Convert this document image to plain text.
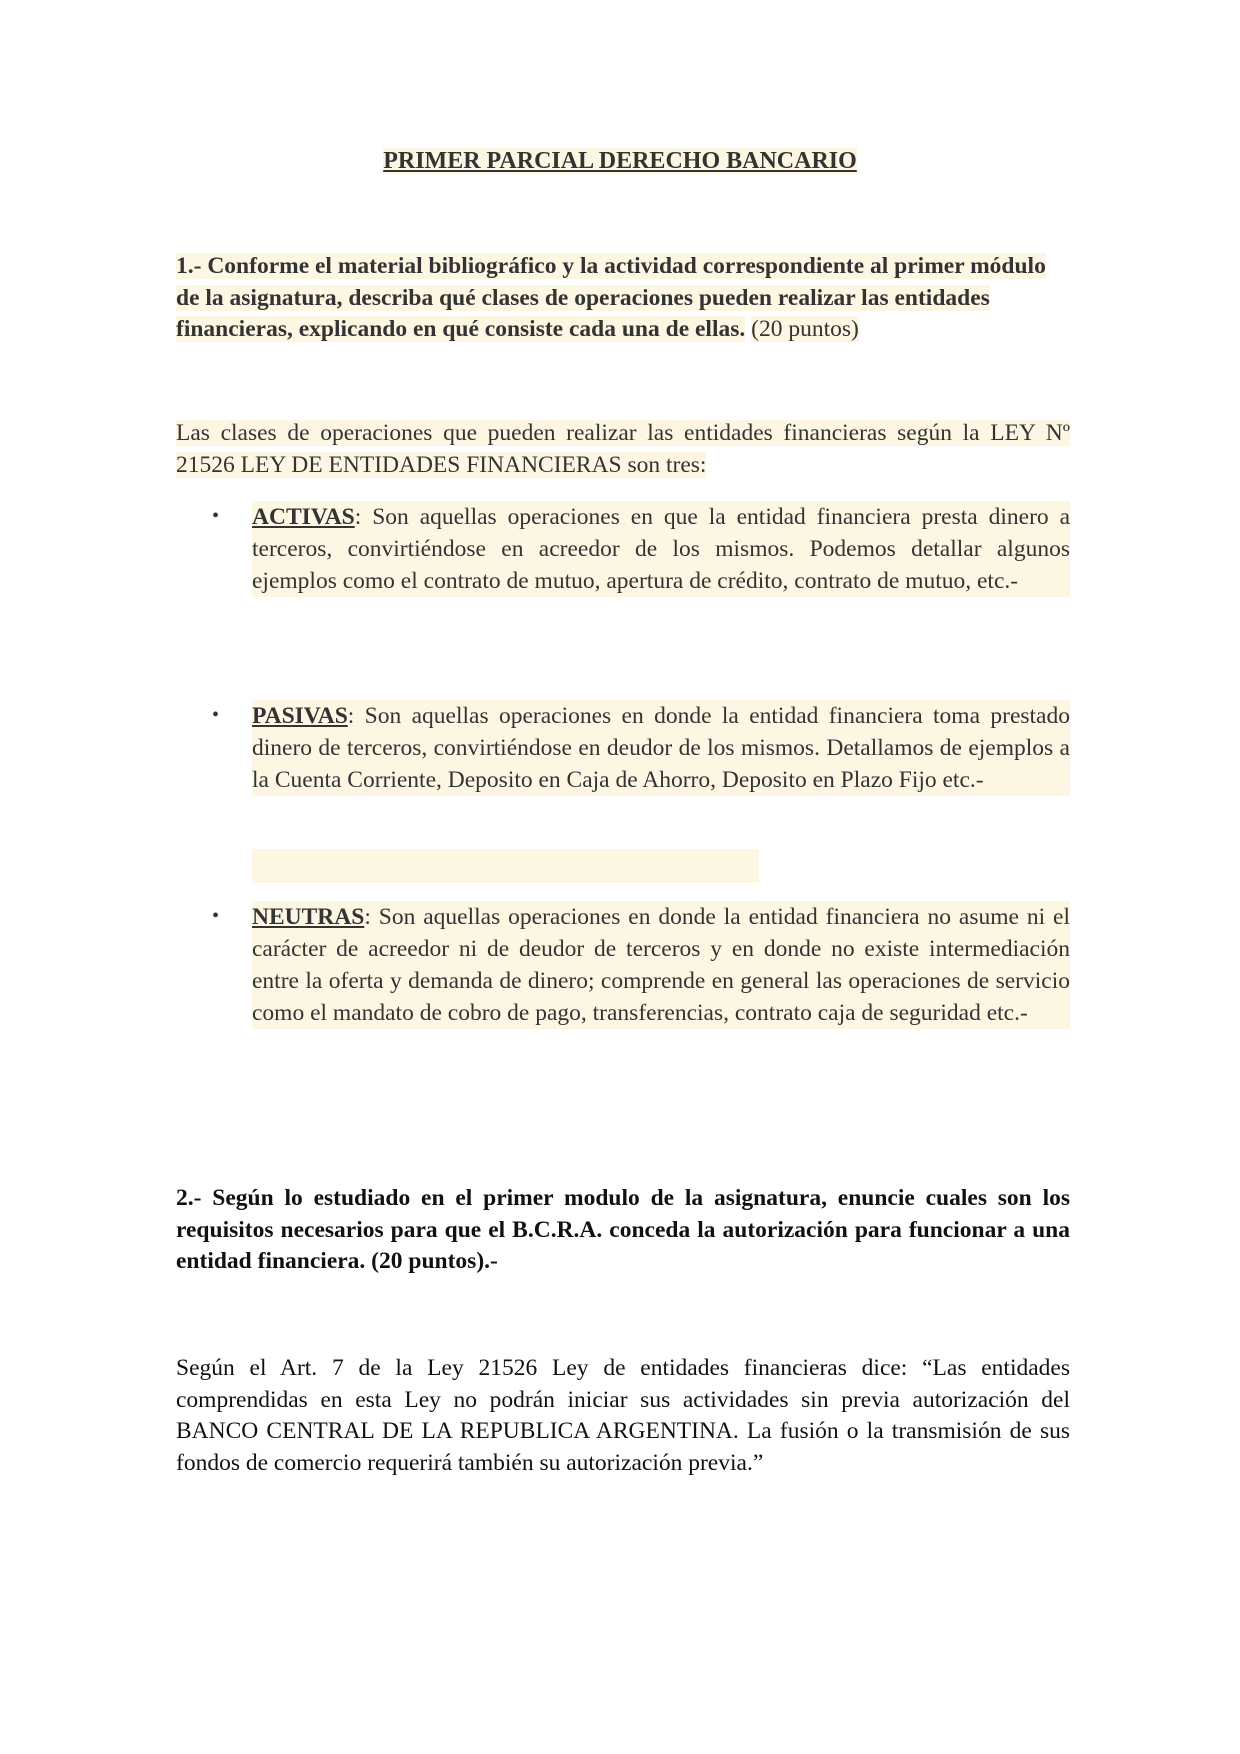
PRIMER PARCIAL DERECHO BANCARIO
1.- Conforme el material bibliográfico y la actividad correspondiente al primer módulo de la asignatura, describa qué clases de operaciones pueden realizar las entidades financieras, explicando en qué consiste cada una de ellas. (20 puntos)
Las clases de operaciones que pueden realizar las entidades financieras según la LEY Nº 21526 LEY DE ENTIDADES FINANCIERAS son tres:
• ACTIVAS: Son aquellas operaciones en que la entidad financiera presta dinero a terceros, convirtiéndose en acreedor de los mismos. Podemos detallar algunos ejemplos como el contrato de mutuo, apertura de crédito, contrato de mutuo, etc.-
• PASIVAS: Son aquellas operaciones en donde la entidad financiera toma prestado dinero de terceros, convirtiéndose en deudor de los mismos. Detallamos de ejemplos a la Cuenta Corriente, Deposito en Caja de Ahorro, Deposito en Plazo Fijo etc.-
• NEUTRAS: Son aquellas operaciones en donde la entidad financiera no asume ni el carácter de acreedor ni de deudor de terceros y en donde no existe intermediación entre la oferta y demanda de dinero; comprende en general las operaciones de servicio como el mandato de cobro de pago, transferencias, contrato caja de seguridad etc.-
2.- Según lo estudiado en el primer modulo de la asignatura, enuncie cuales son los requisitos necesarios para que el B.C.R.A. conceda la autorización para funcionar a una entidad financiera. (20 puntos).-
Según el Art. 7 de la Ley 21526 Ley de entidades financieras dice: “Las entidades comprendidas en esta Ley no podrán iniciar sus actividades sin previa autorización del BANCO CENTRAL DE LA REPUBLICA ARGENTINA. La fusión o la transmisión de sus fondos de comercio requerirá también su autorización previa.”
